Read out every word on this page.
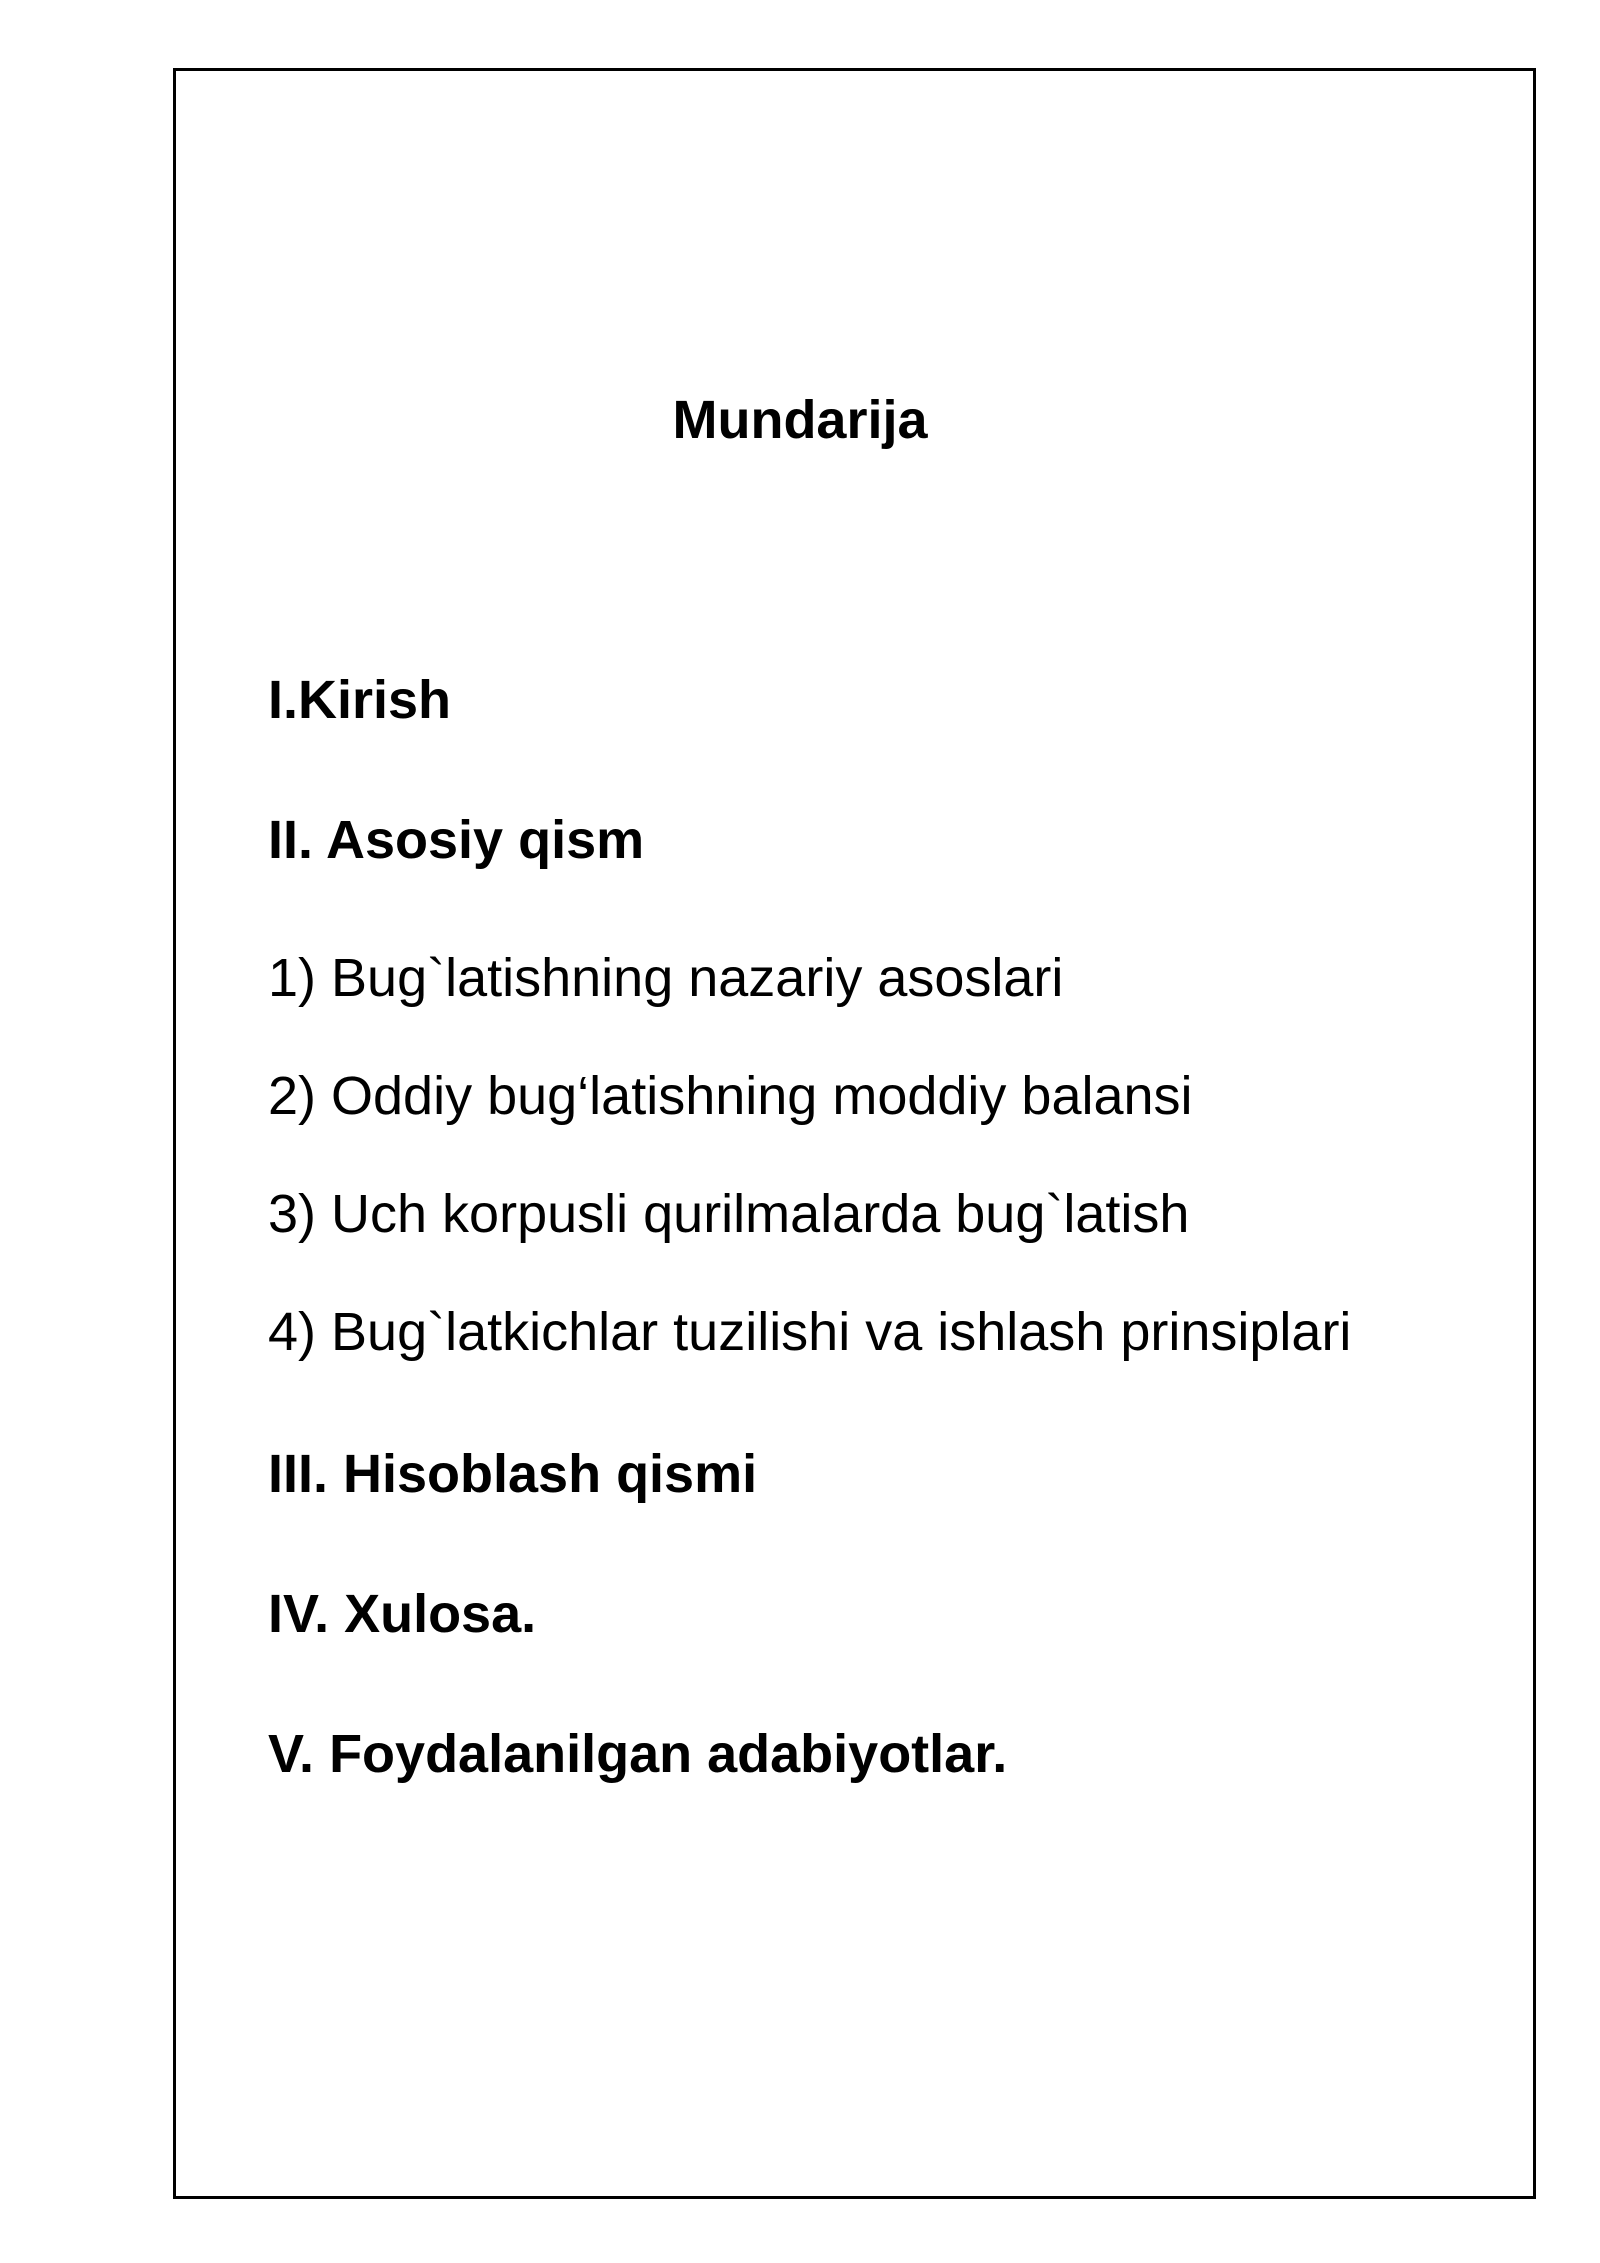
Mundarija
I.Kirish
II. Asosiy qism
1) Bug`latishning nazariy asoslari
2) Oddiy bug‘latishning moddiy balansi
3) Uch korpusli qurilmalarda bug`latish
4) Bug`latkichlar tuzilishi va ishlash prinsiplari
III. Hisoblash qismi
IV. Xulosa.
V. Foydalanilgan adabiyotlar.
